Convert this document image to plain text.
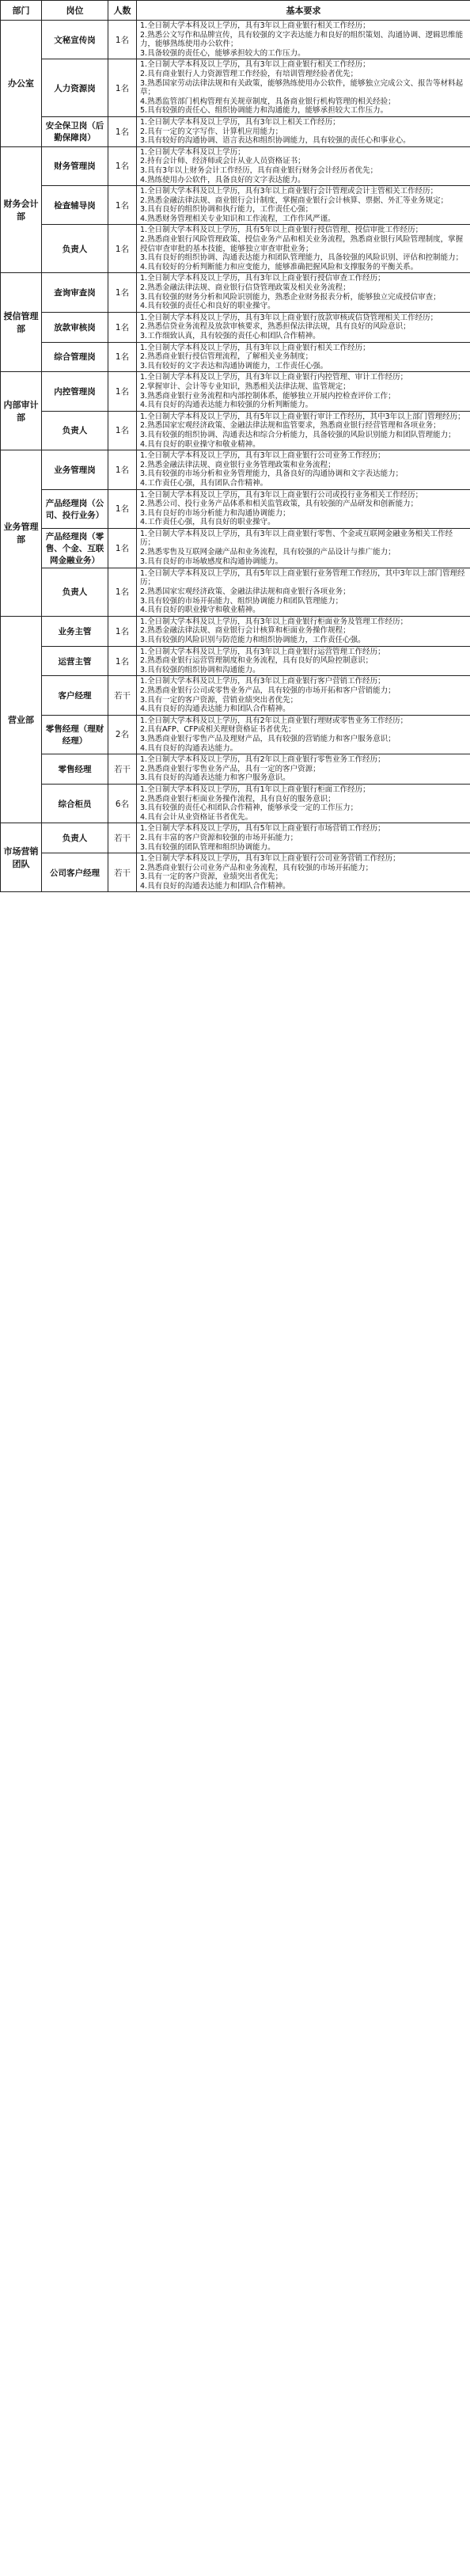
部门	岗位	人数	基本要求
办公室	文秘宣传岗	1名	1.全日制大学本科及以上学历，具有3年以上商业银行相关工作经历；
2.熟悉公文写作和品牌宣传，具有较强的文字表达能力和良好的组织策划、沟通协调、逻辑思维能力，能够熟练使用办公软件；
3.具备较强的责任心，能够承担较大的工作压力。

	人力资源岗	1名	1.全日制大学本科及以上学历，具有3年以上商业银行相关工作经历；
2.具有商业银行人力资源管理工作经验，有培训管理经验者优先；
3.熟悉国家劳动法律法规和有关政策，能够熟练使用办公软件，能够独立完成公文、报告等材料起草；
4.熟悉监管部门机构管理有关规章制度，具备商业银行机构管理的相关经验；
5.具有较强的责任心、组织协调能力和沟通能力，能够承担较大工作压力。

	安全保卫岗（后勤保障岗）	1名	1.全日制大学本科及以上学历，具有3年以上相关工作经历；
2.具有一定的文字写作、计算机应用能力；
3.具有较好的沟通协调、语言表达和组织协调能力，具有较强的责任心和事业心。

财务会计部	财务管理岗	1名	1.全日制大学本科及以上学历；
2.持有会计师、经济师或会计从业人员资格证书；
3.具有3年以上财务会计工作经历，具有商业银行财务会计经历者优先；
4.熟练使用办公软件，具备良好的文字表达能力。

	检查辅导岗	1名	1.全日制大学本科及以上学历，具有3年以上商业银行会计管理或会计主管相关工作经历；
2.熟悉金融法律法规、商业银行会计制度，掌握商业银行会计核算、票据、外汇等业务规定；
3.具有良好的组织协调和执行能力，工作责任心强；
4.熟悉财务管理相关专业知识和工作流程，工作作风严谨。

	负责人	1名	1.全日制大学本科及以上学历，具有5年以上商业银行授信管理、授信审批工作经历；
2.熟悉商业银行风险管理政策、授信业务产品和相关业务流程，熟悉商业银行风险管理制度，掌握授信审查审批的基本技能，能够独立审查审批业务；
3.具有良好的组织协调、沟通表达能力和团队管理能力，具备较强的风险识别、评估和控制能力；
4.具有较好的分析判断能力和应变能力，能够准确把握风险和支撑服务的平衡关系。

授信管理部	查询审查岗	1名	1.全日制大学本科及以上学历，具有3年以上商业银行授信审查工作经历；
2.熟悉金融法律法规、商业银行信贷管理政策及相关业务流程；
3.具有较强的财务分析和风险识别能力，熟悉企业财务报表分析，能够独立完成授信审查；
4.具有较强的责任心和良好的职业操守。

	放款审核岗	1名	1.全日制大学本科及以上学历，具有3年以上商业银行放款审核或信贷管理相关工作经历；
2.熟悉信贷业务流程及放款审核要求，熟悉担保法律法规，具有良好的风险意识；
3.工作细致认真，具有较强的责任心和团队合作精神。

	综合管理岗	1名	1.全日制大学本科及以上学历，具有3年以上商业银行相关工作经历；
2.熟悉商业银行授信管理流程，了解相关业务制度；
3.具有较好的文字表达和沟通协调能力，工作责任心强。

内部审计部	内控管理岗	1名	1.全日制大学本科及以上学历，具有3年以上商业银行内控管理、审计工作经历；
2.掌握审计、会计等专业知识，熟悉相关法律法规、监管规定；
3.熟悉商业银行业务流程和内部控制体系，能够独立开展内控检查评价工作；
4.具有良好的沟通表达能力和较强的分析判断能力。

	负责人	1名	1.全日制大学本科及以上学历，具有5年以上商业银行审计工作经历，其中3年以上部门管理经历；
2.熟悉国家宏观经济政策、金融法律法规和监管要求，熟悉商业银行经营管理和各项业务；
3.具有较强的组织协调、沟通表达和综合分析能力，具备较强的风险识别能力和团队管理能力；
4.具有良好的职业操守和敬业精神。

业务管理部	业务管理岗	1名	1.全日制大学本科及以上学历，具有3年以上商业银行公司业务工作经历；
2.熟悉金融法律法规、商业银行业务管理政策和业务流程；
3.具有较强的市场分析和业务管理能力，具备良好的沟通协调和文字表达能力；
4.工作责任心强，具有团队合作精神。

	产品经理岗（公司、投行业务）	1名	1.全日制大学本科及以上学历，具有3年以上商业银行公司或投行业务相关工作经历；
2.熟悉公司、投行业务产品体系和相关监管政策，具有较强的产品研发和创新能力；
3.具有良好的市场分析能力和沟通协调能力；
4.工作责任心强，具有良好的职业操守。

	产品经理岗（零售、个金、互联网金融业务）	1名	1.全日制大学本科及以上学历，具有3年以上商业银行零售、个金或互联网金融业务相关工作经历；
2.熟悉零售及互联网金融产品和业务流程，具有较强的产品设计与推广能力；
3.具有良好的市场敏感度和沟通协调能力。

	负责人	1名	1.全日制大学本科及以上学历，具有5年以上商业银行业务管理工作经历，其中3年以上部门管理经历；
2.熟悉国家宏观经济政策、金融法律法规和商业银行各项业务；
3.具有较强的市场开拓能力、组织协调能力和团队管理能力；
4.具有良好的职业操守和敬业精神。

营业部	业务主管	1名	1.全日制大学本科及以上学历，具有3年以上商业银行柜面业务及管理工作经历；
2.熟悉金融法律法规、商业银行会计核算和柜面业务操作规程；
3.具有较强的风险识别与防范能力和组织协调能力，工作责任心强。

	运营主管	1名	1.全日制大学本科及以上学历，具有3年以上商业银行运营管理工作经历；
2.熟悉商业银行运营管理制度和业务流程，具有良好的风险控制意识；
3.具有较强的组织协调和沟通能力。

	客户经理	若干	1.全日制大学本科及以上学历，具有3年以上商业银行客户营销工作经历；
2.熟悉商业银行公司或零售业务产品，具有较强的市场开拓和客户营销能力；
3.具有一定的客户资源，营销业绩突出者优先；
4.具有良好的沟通表达能力和团队合作精神。

	零售经理（理财经理）	2名	1.全日制大学本科及以上学历，具有2年以上商业银行理财或零售业务工作经历；
2.具有AFP、CFP或相关理财资格证书者优先；
3.熟悉商业银行零售产品及理财产品，具有较强的营销能力和客户服务意识；
4.具有良好的沟通表达能力。

	零售经理	若干	1.全日制大学本科及以上学历，具有2年以上商业银行零售业务工作经历；
2.熟悉商业银行零售业务产品，具有一定的客户资源；
3.具有良好的沟通表达能力和客户服务意识。

	综合柜员	6名	1.全日制大学本科及以上学历，具有1年以上商业银行柜面工作经历；
2.熟悉商业银行柜面业务操作流程，具有良好的服务意识；
3.具有较强的责任心和团队合作精神，能够承受一定的工作压力；
4.具有会计从业资格证书者优先。

市场营销团队	负责人	若干	1.全日制大学本科及以上学历，具有5年以上商业银行市场营销工作经历；
2.具有丰富的客户资源和较强的市场开拓能力；
3.具有较强的团队管理和组织协调能力。

	公司客户经理	若干	1.全日制大学本科及以上学历，具有3年以上商业银行公司业务营销工作经历；
2.熟悉商业银行公司业务产品和业务流程，具有较强的市场开拓能力；
3.具有一定的客户资源，业绩突出者优先；
4.具有良好的沟通表达能力和团队合作精神。
